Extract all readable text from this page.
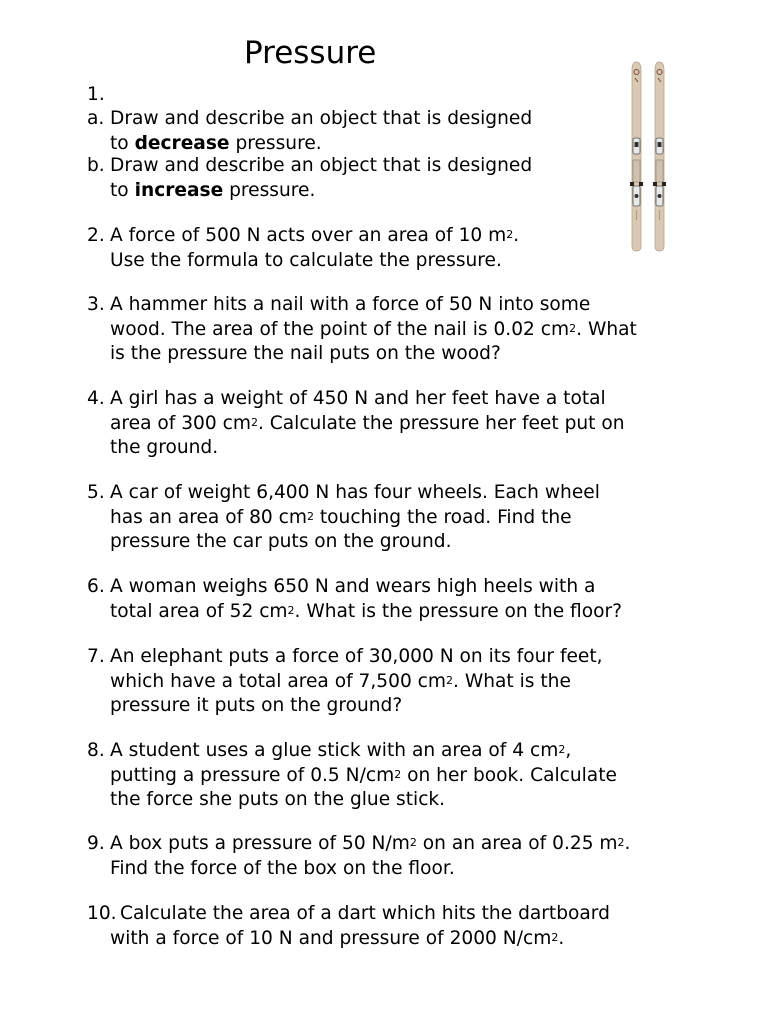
Pressure
1.
a. Draw and describe an object that is designed
to decrease pressure.
b. Draw and describe an object that is designed
to increase pressure.
2. A force of 500 N acts over an area of 10 $m^2$.
Use the formula to calculate the pressure.
3. A hammer hits a nail with a force of 50 N into some
wood. The area of the point of the nail is 0.02 $cm^2$. What
is the pressure the nail puts on the wood?
4. A girl has a weight of 450 N and her feet have a total
area of 300 $cm^2$. Calculate the pressure her feet put on
the ground.
5. A car of weight 6,400 N has four wheels. Each wheel
has an area of 80 $cm^2$ touching the road. Find the
pressure the car puts on the ground.
6. A woman weighs 650 N and wears high heels with a
total area of 52 $cm^2$. What is the pressure on the floor?
7. An elephant puts a force of 30,000 N on its four feet,
which have a total area of 7,500 $cm^2$. What is the
pressure it puts on the ground?
8. A student uses a glue stick with an area of 4 $cm^2$,
putting a pressure of 0.5 $N/cm^2$ on her book. Calculate
the force she puts on the glue stick.
9. A box puts a pressure of 50 $N/m^2$ on an area of 0.25 $m^2$.
Find the force of the box on the floor.
10. Calculate the area of a dart which hits the dartboard
with a force of 10 N and pressure of 2000 $N/cm^2$.
